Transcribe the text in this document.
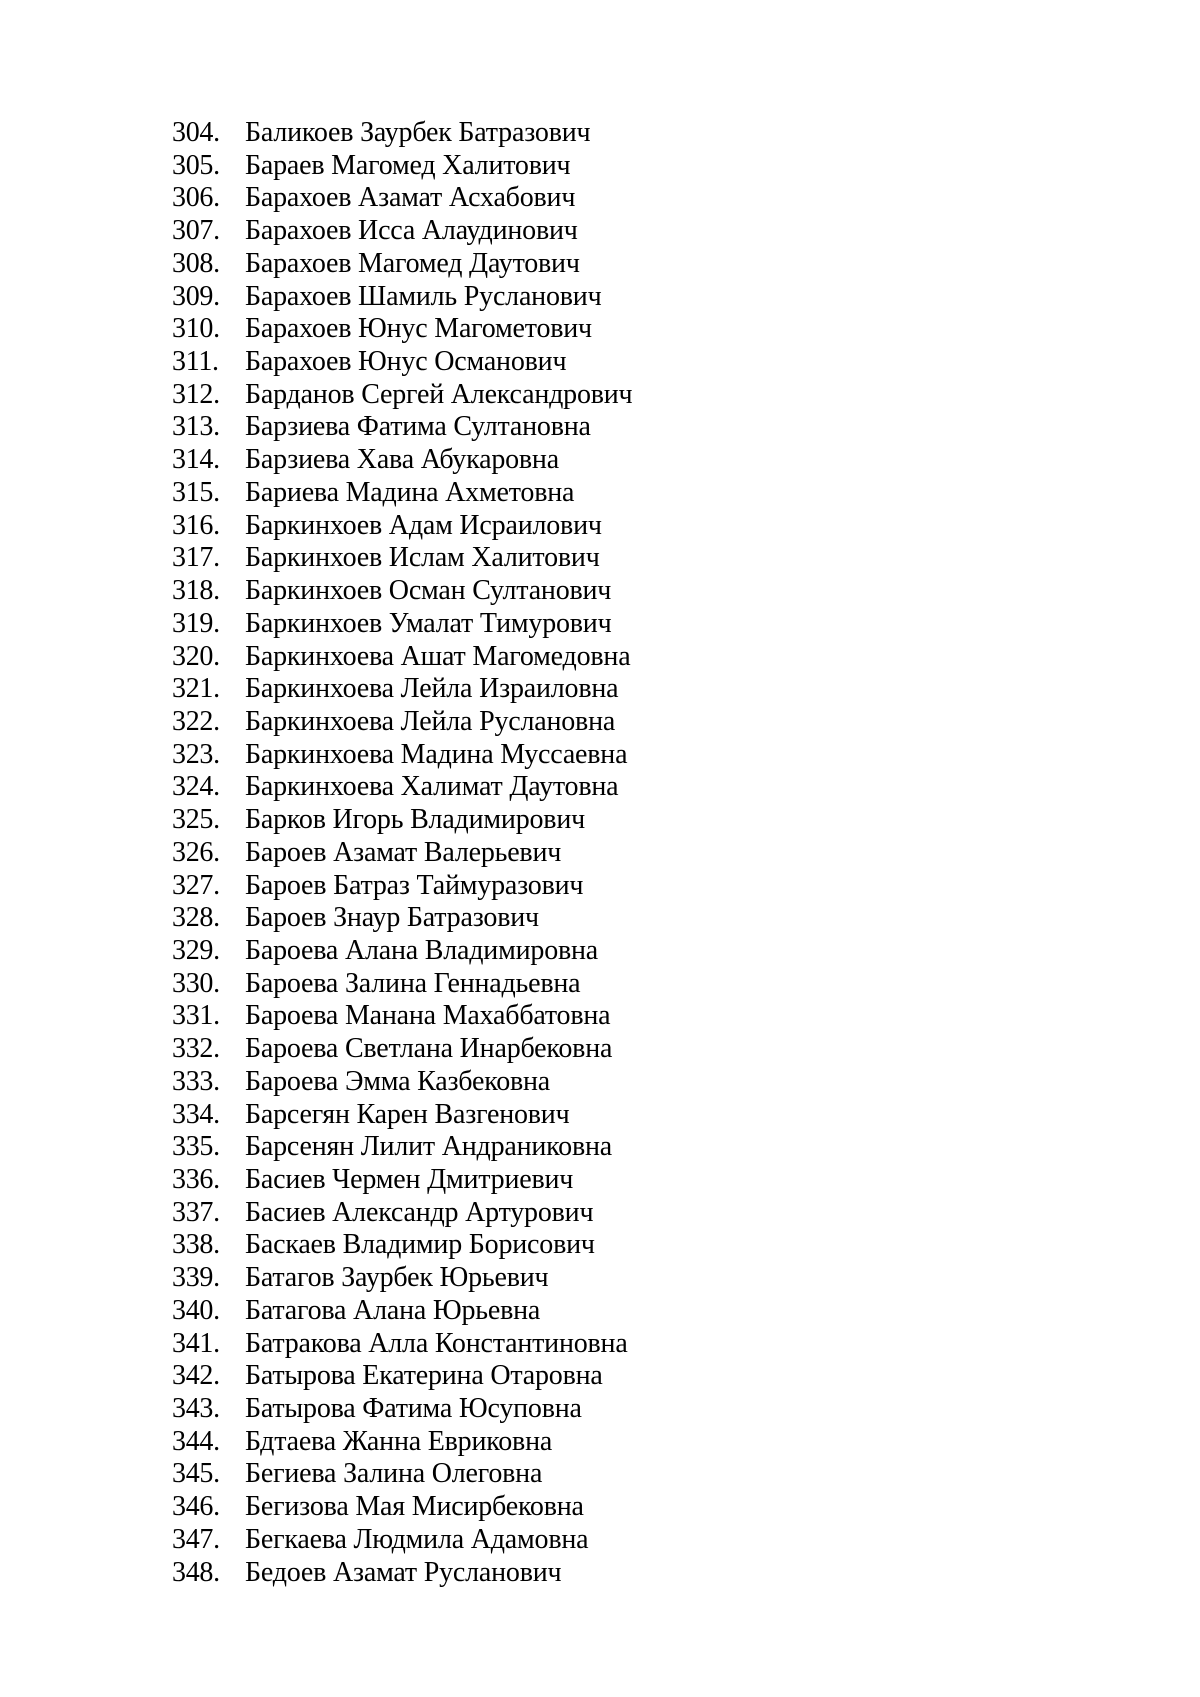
304. Баликоев Заурбек Батразович
305. Бараев Магомед Халитович
306. Барахоев Азамат Асхабович
307. Барахоев Исса Алаудинович
308. Барахоев Магомед Даутович
309. Барахоев Шамиль Русланович
310. Барахоев Юнус Магометович
311. Барахоев Юнус Османович
312. Барданов Сергей Александрович
313. Барзиева Фатима Султановна
314. Барзиева Хава Абукаровна
315. Бариева Мадина Ахметовна
316. Баркинхоев Адам Исраилович
317. Баркинхоев Ислам Халитович
318. Баркинхоев Осман Султанович
319. Баркинхоев Умалат Тимурович
320. Баркинхоева Ашат Магомедовна
321. Баркинхоева Лейла Израиловна
322. Баркинхоева Лейла Руслановна
323. Баркинхоева Мадина Муссаевна
324. Баркинхоева Халимат Даутовна
325. Барков Игорь Владимирович
326. Бароев Азамат Валерьевич
327. Бароев Батраз Таймуразович
328. Бароев Знаур Батразович
329. Бароева Алана Владимировна
330. Бароева Залина Геннадьевна
331. Бароева Манана Махаббатовна
332. Бароева Светлана Инарбековна
333. Бароева Эмма Казбековна
334. Барсегян Карен Вазгенович
335. Барсенян Лилит Андраниковна
336. Басиев Чермен Дмитриевич
337. Басиев Александр Артурович
338. Баскаев Владимир Борисович
339. Батагов Заурбек Юрьевич
340. Батагова Алана Юрьевна
341. Батракова Алла Константиновна
342. Батырова Екатерина Отаровна
343. Батырова Фатима Юсуповна
344. Бдтаева Жанна Евриковна
345. Бегиева Залина Олеговна
346. Бегизова Мая Мисирбековна
347. Бегкаева Людмила Адамовна
348. Бедоев Азамат Русланович
